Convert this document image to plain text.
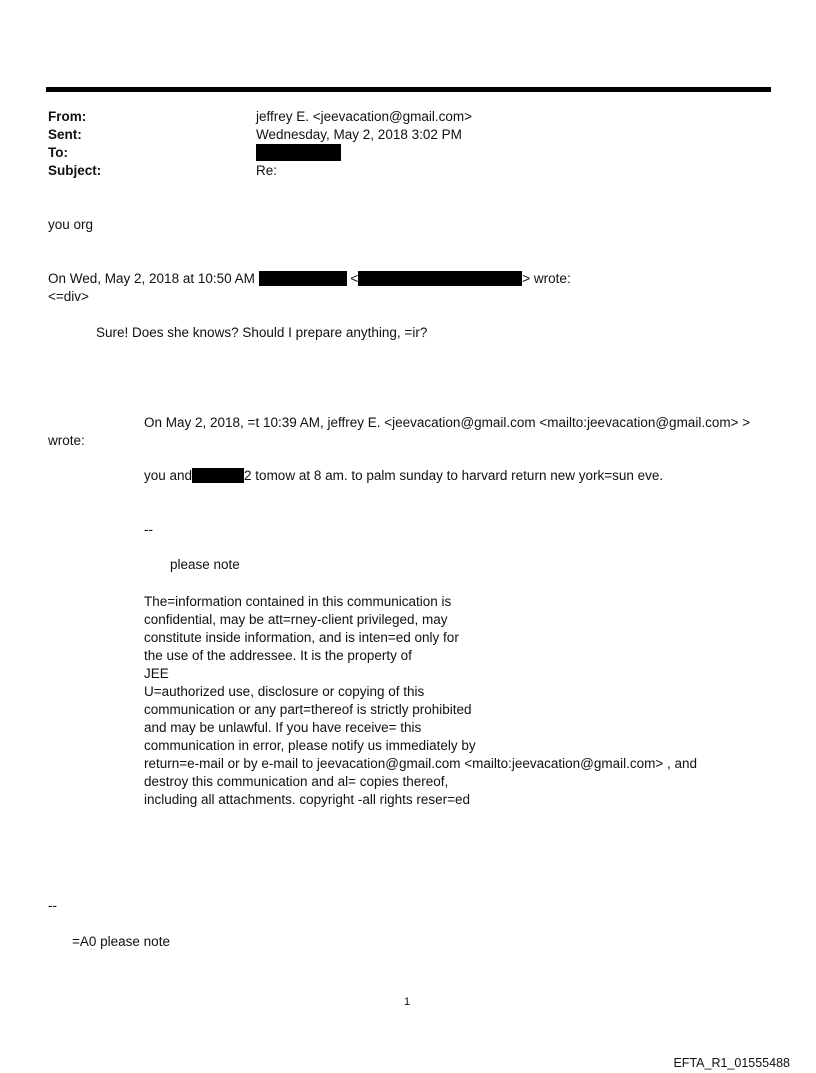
From:	jeffrey E. <jeevacation@gmail.com>
Sent:	Wednesday, May 2, 2018 3:02 PM
To:
Subject:	Re:
you org
On Wed, May 2, 2018 at 10:50 AM	<	> wrote:
<=div>
Sure! Does she knows? Should I prepare anything, =ir?
On May 2, 2018, =t 10:39 AM, jeffrey E. <jeevacation@gmail.com <mailto:jeevacation@gmail.com> >
wrote:
you and	2 tomow at 8 am. to palm sunday to harvard return new york=sun eve.
--
please note
The=information contained in this communication is
confidential, may be att=rney-client privileged, may
constitute inside information, and is inten=ed only for
the use of the addressee. It is the property of
JEE
U=authorized use, disclosure or copying of this
communication or any part=thereof is strictly prohibited
and may be unlawful. If you have receive= this
communication in error, please notify us immediately by
return=e-mail or by e-mail to jeevacation@gmail.com <mailto:jeevacation@gmail.com> , and
destroy this communication and al= copies thereof,
including all attachments. copyright -all rights reser=ed
--
=A0 please note
1
EFTA_R1_01555488
